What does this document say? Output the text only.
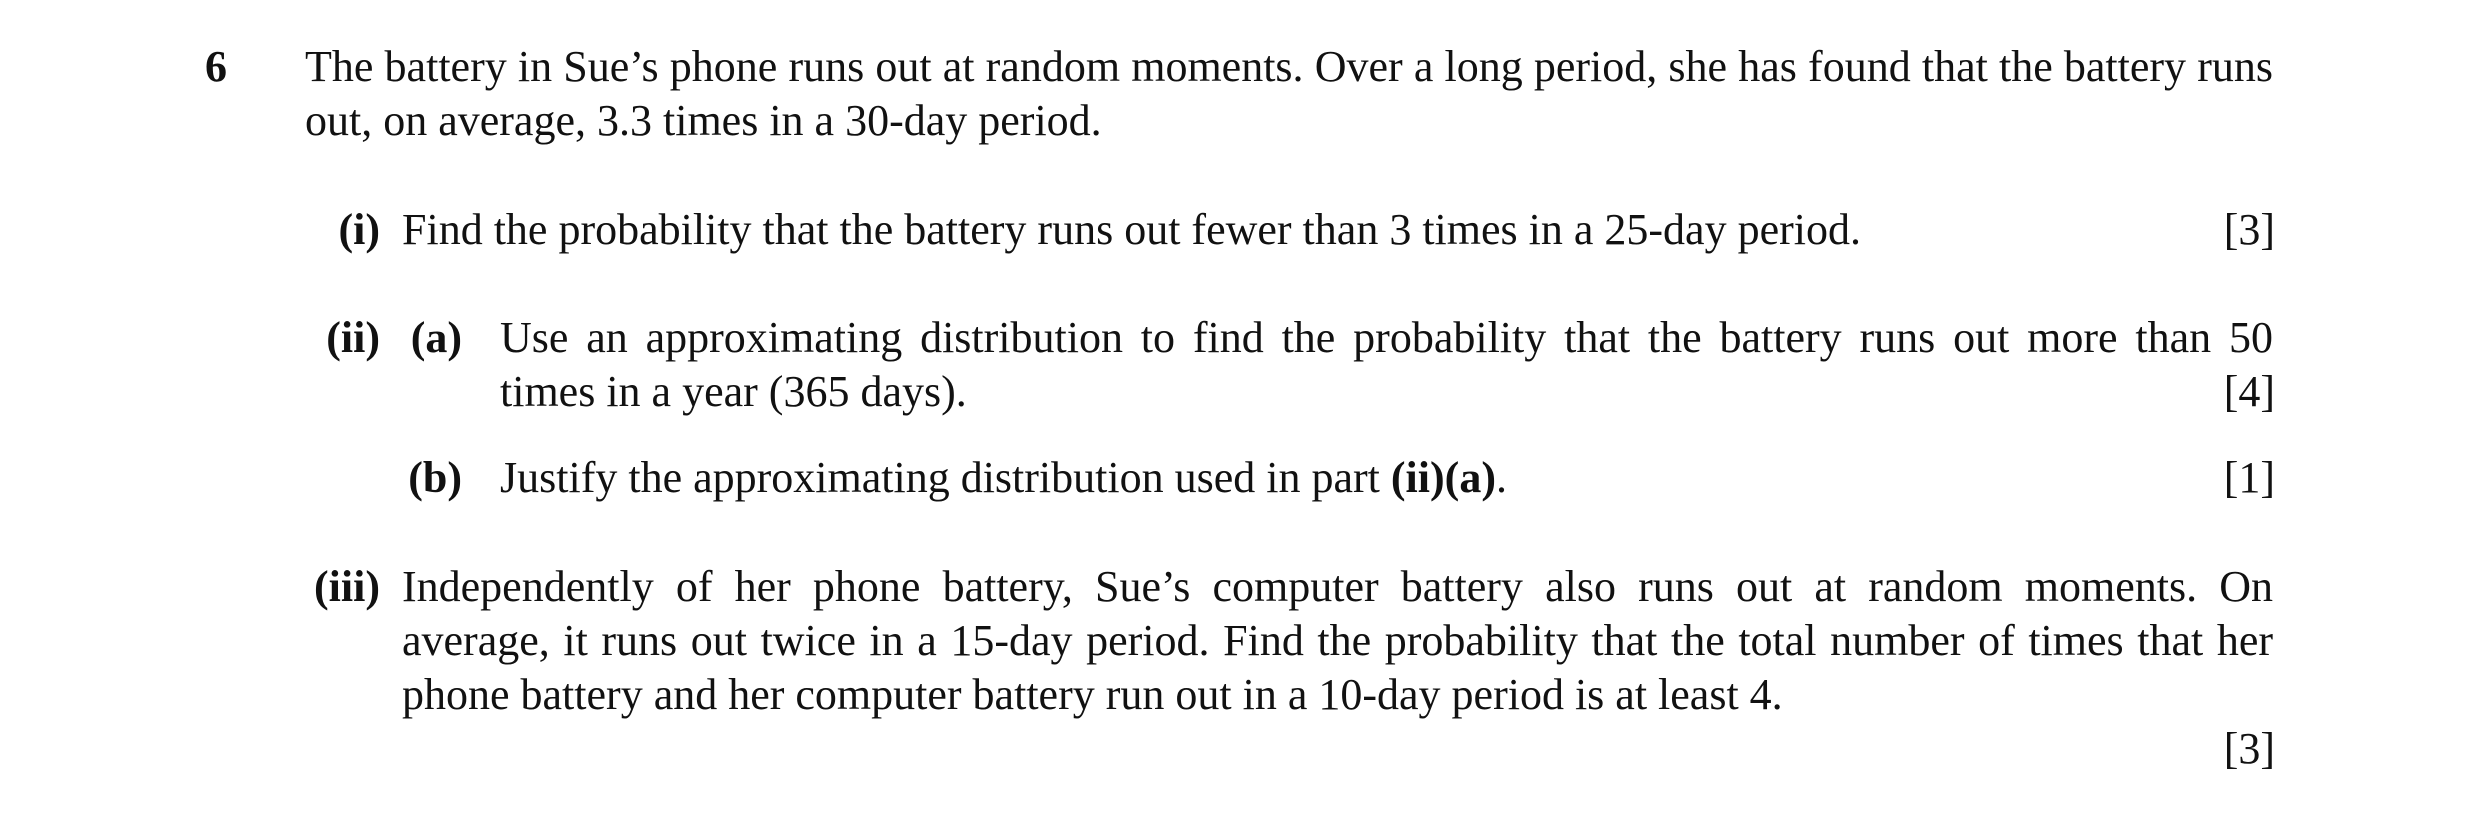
6 The battery in Sue’s phone runs out at random moments. Over a long period, she has found that the battery runs out, on average, 3.3 times in a 30-day period.
(i) Find the probability that the battery runs out fewer than 3 times in a 25-day period.	[3]
(ii) (a) Use an approximating distribution to find the probability that the battery runs out more than 50 times in a year (365 days).	[4]
(b) Justify the approximating distribution used in part (ii)(a).	[1]
(iii) Independently of her phone battery, Sue’s computer battery also runs out at random moments. On average, it runs out twice in a 15-day period. Find the probability that the total number of times that her phone battery and her computer battery run out in a 10-day period is at least 4.
[3]
